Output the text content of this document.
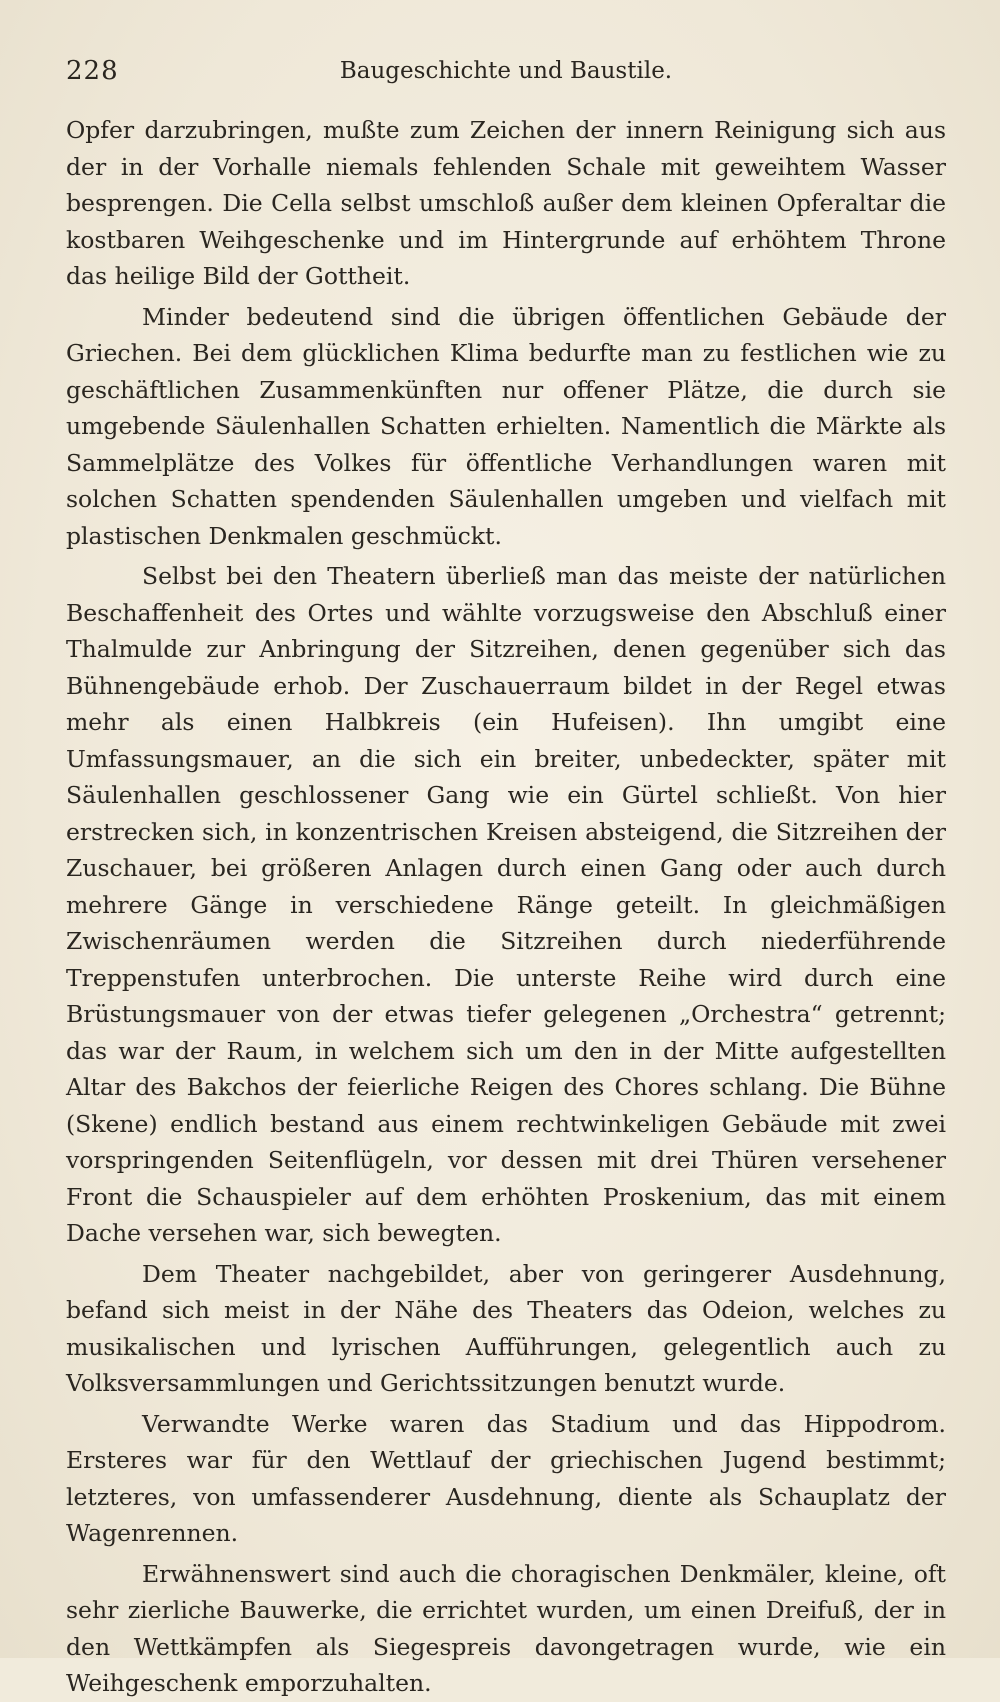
228	Baugeschichte und Baustile.

Opfer darzubringen, mußte zum Zeichen der innern Reinigung sich aus der in der Vorhalle niemals fehlenden Schale mit geweihtem Wasser besprengen. Die Cella selbst umschloß außer dem kleinen Opferaltar die kostbaren Weihgeschenke und im Hintergrunde auf erhöhtem Throne das heilige Bild der Gottheit.

Minder bedeutend sind die übrigen öffentlichen Gebäude der Griechen. Bei dem glücklichen Klima bedurfte man zu festlichen wie zu geschäftlichen Zusammenkünften nur offener Plätze, die durch sie umgebende Säulenhallen Schatten erhielten. Namentlich die Märkte als Sammelplätze des Volkes für öffentliche Verhandlungen waren mit solchen Schatten spendenden Säulenhallen umgeben und vielfach mit plastischen Denkmalen geschmückt.

Selbst bei den Theatern überließ man das meiste der natürlichen Beschaffenheit des Ortes und wählte vorzugsweise den Abschluß einer Thalmulde zur Anbringung der Sitzreihen, denen gegenüber sich das Bühnengebäude erhob. Der Zuschauerraum bildet in der Regel etwas mehr als einen Halbkreis (ein Hufeisen). Ihn umgibt eine Umfassungsmauer, an die sich ein breiter, unbedeckter, später mit Säulenhallen geschlossener Gang wie ein Gürtel schließt. Von hier erstrecken sich, in konzentrischen Kreisen absteigend, die Sitzreihen der Zuschauer, bei größeren Anlagen durch einen Gang oder auch durch mehrere Gänge in verschiedene Ränge geteilt. In gleichmäßigen Zwischenräumen werden die Sitzreihen durch niederführende Treppenstufen unterbrochen. Die unterste Reihe wird durch eine Brüstungsmauer von der etwas tiefer gelegenen „Orchestra“ getrennt; das war der Raum, in welchem sich um den in der Mitte aufgestellten Altar des Bakchos der feierliche Reigen des Chores schlang. Die Bühne (Skene) endlich bestand aus einem rechtwinkeligen Gebäude mit zwei vorspringenden Seitenflügeln, vor dessen mit drei Thüren versehener Front die Schauspieler auf dem erhöhten Proskenium, das mit einem Dache versehen war, sich bewegten.

Dem Theater nachgebildet, aber von geringerer Ausdehnung, befand sich meist in der Nähe des Theaters das Odeion, welches zu musikalischen und lyrischen Aufführungen, gelegentlich auch zu Volksversammlungen und Gerichtssitzungen benutzt wurde.

Verwandte Werke waren das Stadium und das Hippodrom. Ersteres war für den Wettlauf der griechischen Jugend bestimmt; letzteres, von umfassenderer Ausdehnung, diente als Schauplatz der Wagenrennen.

Erwähnenswert sind auch die choragischen Denkmäler, kleine, oft sehr zierliche Bauwerke, die errichtet wurden, um einen Dreifuß, der in den Wettkämpfen als Siegespreis davongetragen wurde, wie ein Weihgeschenk emporzuhalten.
